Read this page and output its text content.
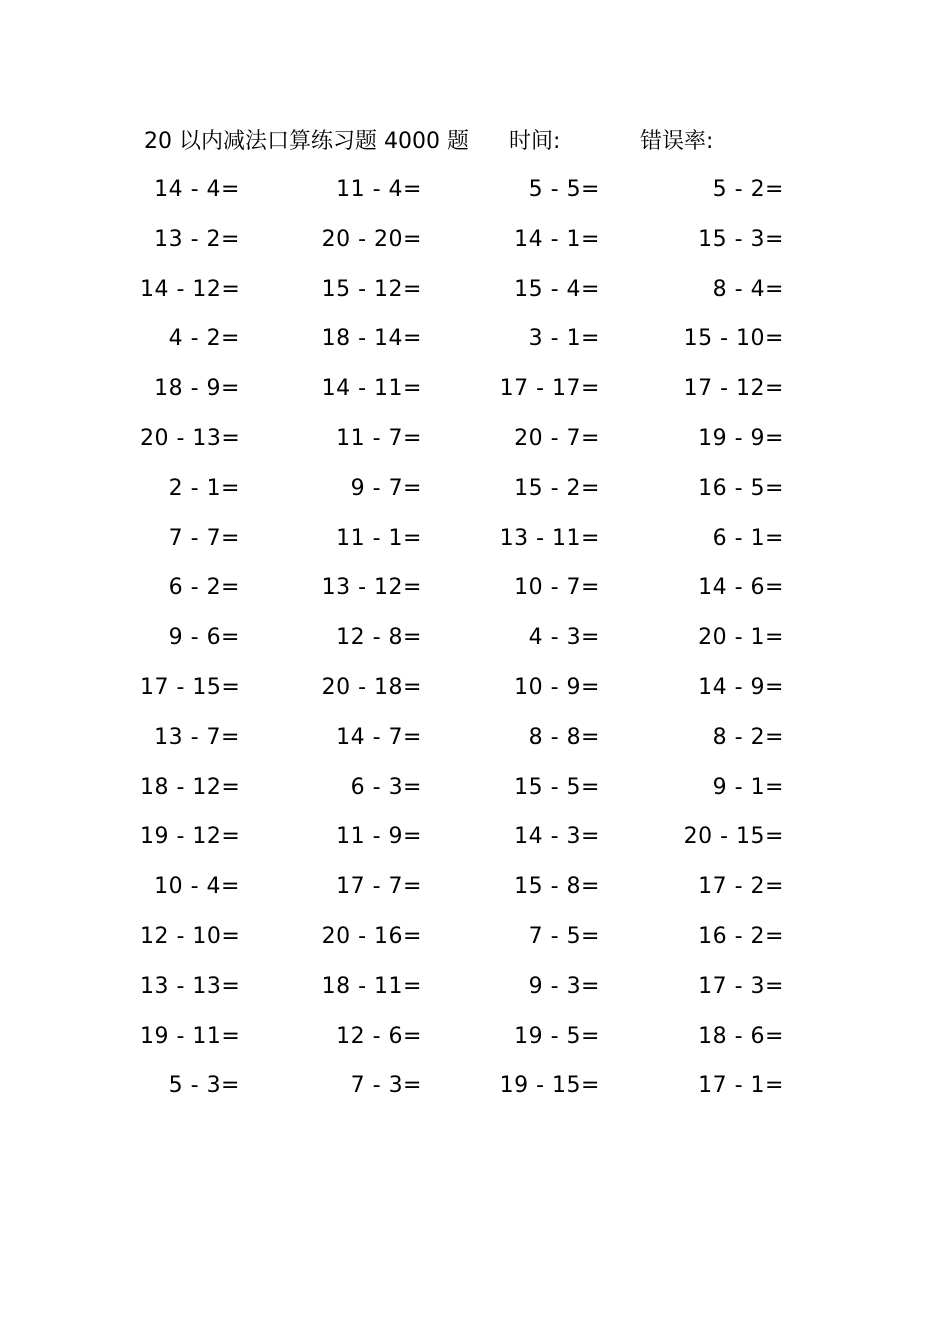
20 以内减法口算练习题 4000 题 时间:	错误率:
14 - 4=	11 - 4=	5 - 5=	5 - 2=
13 - 2=	20 - 20=	14 - 1=	15 - 3=
14 - 12=	15 - 12=	15 - 4=	8 - 4=
4 - 2=	18 - 14=	3 - 1=	15 - 10=
18 - 9=	14 - 11=	17 - 17=	17 - 12=
20 - 13=	11 - 7=	20 - 7=	19 - 9=
2 - 1=	9 - 7=	15 - 2=	16 - 5=
7 - 7=	11 - 1=	13 - 11=	6 - 1=
6 - 2=	13 - 12=	10 - 7=	14 - 6=
9 - 6=	12 - 8=	4 - 3=	20 - 1=
17 - 15=	20 - 18=	10 - 9=	14 - 9=
13 - 7=	14 - 7=	8 - 8=	8 - 2=
18 - 12=	6 - 3=	15 - 5=	9 - 1=
19 - 12=	11 - 9=	14 - 3=	20 - 15=
10 - 4=	17 - 7=	15 - 8=	17 - 2=
12 - 10=	20 - 16=	7 - 5=	16 - 2=
13 - 13=	18 - 11=	9 - 3=	17 - 3=
19 - 11=	12 - 6=	19 - 5=	18 - 6=
5 - 3=	7 - 3=	19 - 15=	17 - 1=
